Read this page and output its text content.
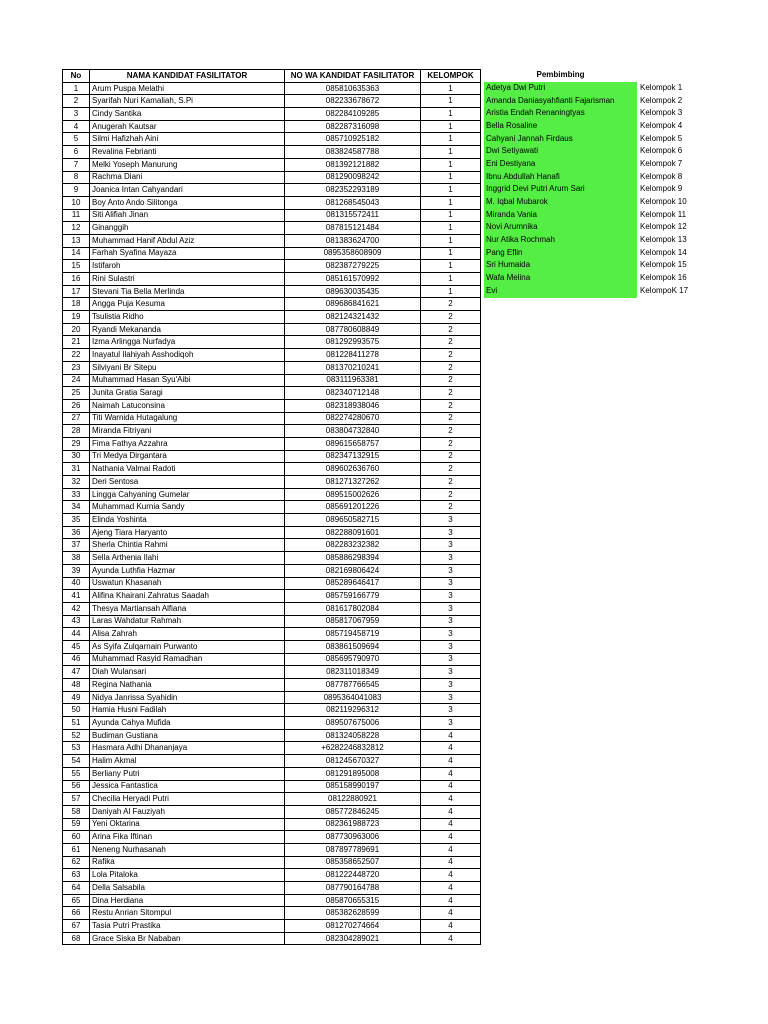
No	NAMA KANDIDAT FASILITATOR	NO WA KANDIDAT FASILITATOR	KELOMPOK
1	Arum Puspa Melathi	085810635363	1
2	Syarifah Nuri Kamaliah, S.Pi	082233678672	1
3	Cindy Santika	082284109285	1
4	Anugerah Kautsar	082287316098	1
5	Silmi Hafizhah Aini	085710925182	1
6	Revalina Febrianti	083824587788	1
7	Melki Yoseph Manurung	081392121882	1
8	Rachma Diani	081290098242	1
9	Joanica Intan Cahyandari	082352293189	1
10	Boy Anto Ando Silitonga	081268545043	1
11	Siti Alifiah Jinan	081315572411	1
12	Ginanggih	087815121484	1
13	Muhammad Hanif Abdul Aziz	081383624700	1
14	Farhah Syafina Mayaza	0895358608909	1
15	Istifaroh	082387279225	1
16	Rini Sulastri	085161570992	1
17	Stevani Tia Bella Merlinda	089630035435	1
18	Angga Puja Kesuma	089686841621	2
19	Tsulistia Ridho	082124321432	2
20	Ryandi Mekananda	087780608849	2
21	Izma Arlingga Nurfadya	081292993575	2
22	Inayatul Ilahiyah Asshodiqoh	081228411278	2
23	Silviyani Br Sitepu	081370210241	2
24	Muhammad Hasan Syu'Aibi	083111963381	2
25	Junita Gratia Saragi	082340712148	2
26	Naimah Latuconsina	082318938046	2
27	Titi Warnida Hutagalung	082274280670	2
28	Miranda Fitriyani	083804732840	2
29	Fima Fathya Azzahra	089615658757	2
30	Tri Medya Dirgantara	082347132915	2
31	Nathania Valmai Radoti	089602636760	2
32	Deri Sentosa	081271327262	2
33	Lingga Cahyaning Gumelar	089515002626	2
34	Muhammad Kurnia Sandy	085691201226	2
35	Elinda Yoshinta	089650582715	3
36	Ajeng Tiara Haryanto	082288091601	3
37	Sherla Chintia Rahmi	082283232382	3
38	Sella Arthenia Ilahi	085886298394	3
39	Ayunda Luthfia Hazmar	082169806424	3
40	Uswatun Khasanah	085289646417	3
41	Alifina Khairani Zahratus Saadah	085759166779	3
42	Thesya Martiansah Alfiana	081617802084	3
43	Laras Wahdatur Rahmah	085817067959	3
44	Alisa Zahrah	085719458719	3
45	As Syifa Zulqarnain Purwanto	083861509694	3
46	Muhammad Rasyid Ramadhan	085695790970	3
47	Diah Wulansari	082311018349	3
48	Regina Nathania	087787766545	3
49	Nidya Janrissa Syahidin	0895364041083	3
50	Hamia Husni Fadilah	082119296312	3
51	Ayunda Cahya Mufida	089507675006	3
52	Budiman Gustiana	081324058228	4
53	Hasmara Adhi Dhananjaya	+6282246832812	4
54	Halim Akmal	081245670327	4
55	Berliany Putri	081291895008	4
56	Jessica Fantastica	085158990197	4
57	Checilia Heryadi Putri	08122880921	4
58	Daniyah Al Fauziyah	085772846245	4
59	Yeni Oktarina	082361988723	4
60	Arina Fika Iftinan	087730963006	4
61	Neneng Nurhasanah	087897789691	4
62	Rafika	085358652507	4
63	Lola Pitaloka	081222448720	4
64	Della Salsabila	087790164788	4
65	Dina Herdiana	085870655315	4
66	Restu Anrian Sitompul	085382628599	4
67	Tasia Putri Prastika	081270274664	4
68	Grace Siska Br Nababan	082304289021	4
Pembimbing
Adetya Dwi Putri	Kelompok 1
Amanda Daniasyahfianti Fajarisman	Kelompok 2
Aristia Endah Renaningtyas	Kelompok 3
Bella Rosaline	Kelompok 4
Cahyani Jannah Firdaus	Kelompok 5
Dwi Setiyawati	Kelompok 6
Eni Destiyana	Kelompok 7
Ibnu Abdullah Hanafi	Kelompok 8
Inggrid Devi Putri Arum Sari	Kelompok 9
M. Iqbal Mubarok	Kelompok 10
Miranda Vania	Kelompok 11
Novi Arumnika	Kelompok 12
Nur Atika Rochmah	Kelompok 13
Pang Eflin	Kelompok 14
Sri Humaida	Kelompok 15
Wafa Melina	Kelompok 16
Evi	KelompoK 17
